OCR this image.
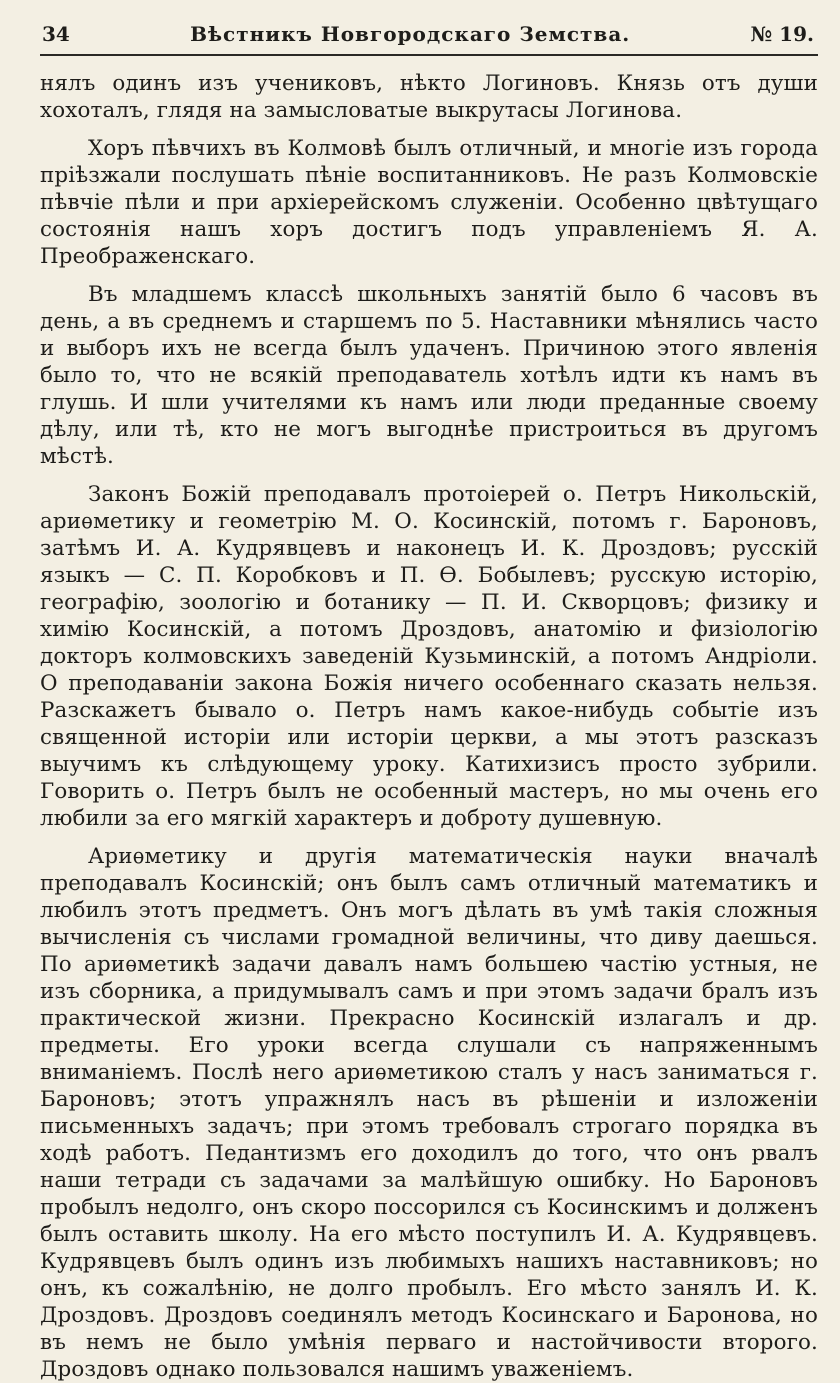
34	Вѣстникъ Новгородскаго Земства.	№ 19.

нялъ одинъ изъ учениковъ, нѣкто Логиновъ. Князь отъ души хохоталъ, глядя на замысловатые выкрутасы Логинова.

Хоръ пѣвчихъ въ Колмовѣ былъ отличный, и многіе изъ города пріѣзжали послушать пѣніе воспитанниковъ. Не разъ Колмовскіе пѣвчіе пѣли и при архіерейскомъ служеніи. Особенно цвѣтущаго состоянія нашъ хоръ достигъ подъ управленіемъ Я. А. Преображенскаго.

Въ младшемъ классѣ школьныхъ занятій было 6 часовъ въ день, а въ среднемъ и старшемъ по 5. Наставники мѣнялись часто и выборъ ихъ не всегда былъ удаченъ. Причиною этого явленія было то, что не всякій преподаватель хотѣлъ идти къ намъ въ глушь. И шли учителями къ намъ или люди преданные своему дѣлу, или тѣ, кто не могъ выгоднѣе пристроиться въ другомъ мѣстѣ.

Законъ Божій преподавалъ протоіерей о. Петръ Никольскій, ариѳметику и геометрію М. О. Косинскій, потомъ г. Бароновъ, затѣмъ И. А. Кудрявцевъ и наконецъ И. К. Дроздовъ; русскій языкъ — С. П. Коробковъ и П. Ѳ. Бобылевъ; русскую исторію, географію, зоологію и ботанику — П. И. Скворцовъ; физику и химію Косинскій, а потомъ Дроздовъ, анатомію и физіологію докторъ колмовскихъ заведеній Кузьминскій, а потомъ Андріоли. О преподаваніи закона Божія ничего особеннаго сказать нельзя. Разскажетъ бывало о. Петръ намъ какое-нибудь событіе изъ священной исторіи или исторіи церкви, а мы этотъ разсказъ выучимъ къ слѣдующему уроку. Катихизисъ просто зубрили. Говорить о. Петръ былъ не особенный мастеръ, но мы очень его любили за его мягкій характеръ и доброту душевную.

Ариѳметику и другія математическія науки вначалѣ преподавалъ Косинскій; онъ былъ самъ отличный математикъ и любилъ этотъ предметъ. Онъ могъ дѣлать въ умѣ такія сложныя вычисленія съ числами громадной величины, что диву даешься. По ариѳметикѣ задачи давалъ намъ большею частію устныя, не изъ сборника, а придумывалъ самъ и при этомъ задачи бралъ изъ практической жизни. Прекрасно Косинскій излагалъ и др. предметы. Его уроки всегда слушали съ напряженнымъ вниманіемъ. Послѣ него ариѳметикою сталъ у насъ заниматься г. Бароновъ; этотъ упражнялъ насъ въ рѣшеніи и изложеніи письменныхъ задачъ; при этомъ требовалъ строгаго порядка въ ходѣ работъ. Педантизмъ его доходилъ до того, что онъ рвалъ наши тетради съ задачами за малѣйшую ошибку. Но Бароновъ пробылъ недолго, онъ скоро поссорился съ Косинскимъ и долженъ былъ оставить школу. На его мѣсто поступилъ И. А. Кудрявцевъ. Кудрявцевъ былъ одинъ изъ любимыхъ нашихъ наставниковъ; но онъ, къ сожалѣнію, не долго пробылъ. Его мѣсто занялъ И. К. Дроздовъ. Дроздовъ соединялъ методъ Косинскаго и Баронова, но въ немъ не было умѣнія перваго и настойчивости второго. Дроздовъ однако пользовался нашимъ уваженіемъ.
